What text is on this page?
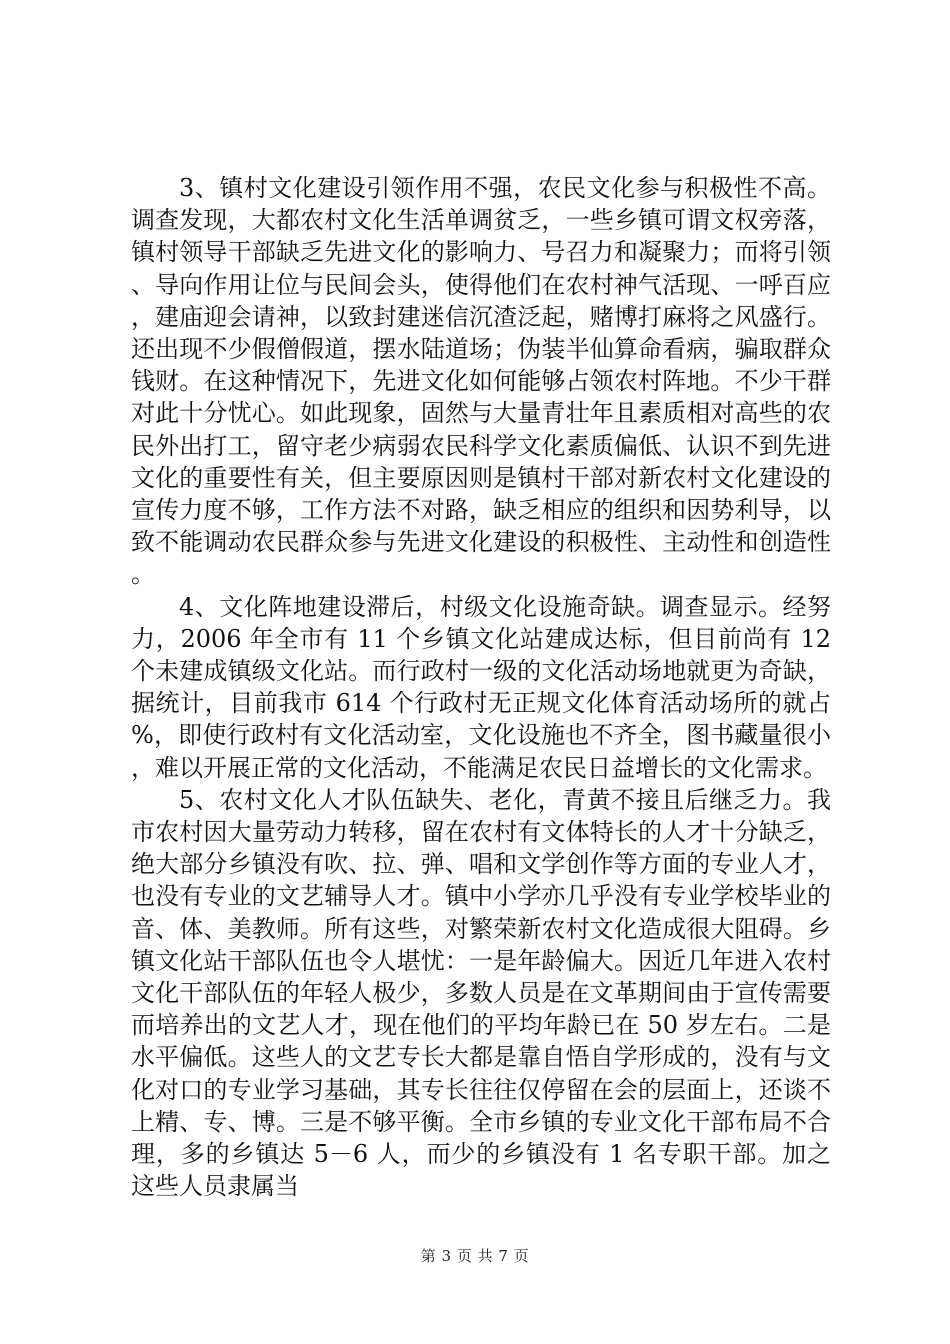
3、镇村文化建设引领作用不强，农民文化参与积极性不高。调查发现，大都农村文化生活单调贫乏，一些乡镇可谓文权旁落，镇村领导干部缺乏先进文化的影响力、号召力和凝聚力；而将引领、导向作用让位与民间会头，使得他们在农村神气活现、一呼百应，建庙迎会请神，以致封建迷信沉渣泛起，赌博打麻将之风盛行。还出现不少假僧假道，摆水陆道场；伪装半仙算命看病，骗取群众钱财。在这种情况下，先进文化如何能够占领农村阵地。不少干群对此十分忧心。如此现象，固然与大量青壮年且素质相对高些的农民外出打工，留守老少病弱农民科学文化素质偏低、认识不到先进文化的重要性有关，但主要原因则是镇村干部对新农村文化建设的宣传力度不够，工作方法不对路，缺乏相应的组织和因势利导，以致不能调动农民群众参与先进文化建设的积极性、主动性和创造性。

4、文化阵地建设滞后，村级文化设施奇缺。调查显示。经努力，2006 年全市有 11 个乡镇文化站建成达标，但目前尚有 12 个未建成镇级文化站。而行政村一级的文化活动场地就更为奇缺，据统计，目前我市 614 个行政村无正规文化体育活动场所的就占%，即使行政村有文化活动室，文化设施也不齐全，图书藏量很小，难以开展正常的文化活动，不能满足农民日益增长的文化需求。

5、农村文化人才队伍缺失、老化，青黄不接且后继乏力。我市农村因大量劳动力转移，留在农村有文体特长的人才十分缺乏，绝大部分乡镇没有吹、拉、弹、唱和文学创作等方面的专业人才，也没有专业的文艺辅导人才。镇中小学亦几乎没有专业学校毕业的音、体、美教师。所有这些，对繁荣新农村文化造成很大阻碍。乡镇文化站干部队伍也令人堪忧：一是年龄偏大。因近几年进入农村文化干部队伍的年轻人极少，多数人员是在文革期间由于宣传需要而培养出的文艺人才，现在他们的平均年龄已在 50 岁左右。二是水平偏低。这些人的文艺专长大都是靠自悟自学形成的，没有与文化对口的专业学习基础，其专长往往仅停留在会的层面上，还谈不上精、专、博。三是不够平衡。全市乡镇的专业文化干部布局不合理，多的乡镇达 5－6 人，而少的乡镇没有 1 名专职干部。加之这些人员隶属当

第 3 页 共 7 页
